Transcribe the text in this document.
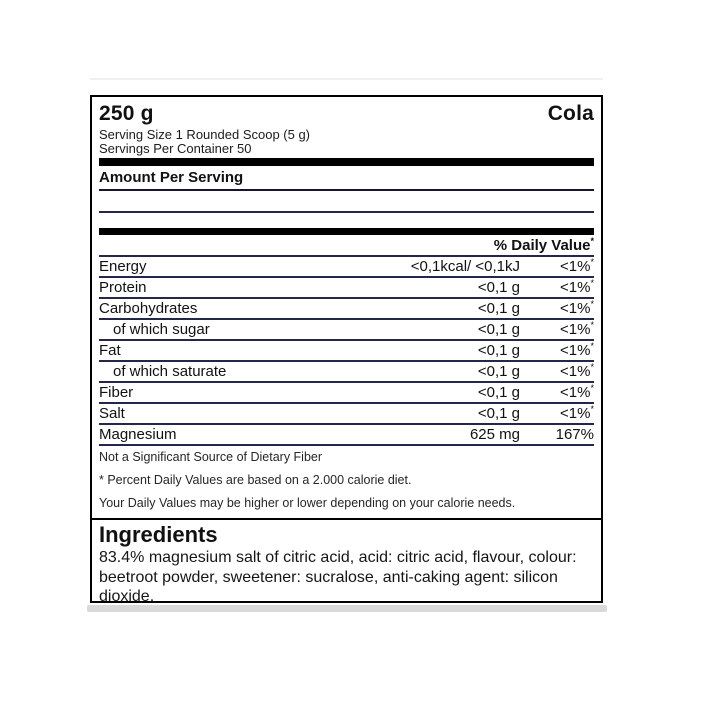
250 g	Cola
Serving Size 1 Rounded Scoop (5 g)
Servings Per Container 50
Amount Per Serving
% Daily Value*
Energy	<0,1kcal/ <0,1kJ	<1%*
Protein	<0,1 g	<1%*
Carbohydrates	<0,1 g	<1%*
of which sugar	<0,1 g	<1%*
Fat	<0,1 g	<1%*
of which saturate	<0,1 g	<1%*
Fiber	<0,1 g	<1%*
Salt	<0,1 g	<1%*
Magnesium	625 mg	167%
Not a Significant Source of Dietary Fiber
* Percent Daily Values are based on a 2.000 calorie diet.
Your Daily Values may be higher or lower depending on your calorie needs.
Ingredients
83.4% magnesium salt of citric acid, acid: citric acid, flavour, colour: beetroot powder, sweetener: sucralose, anti-caking agent: silicon dioxide.
